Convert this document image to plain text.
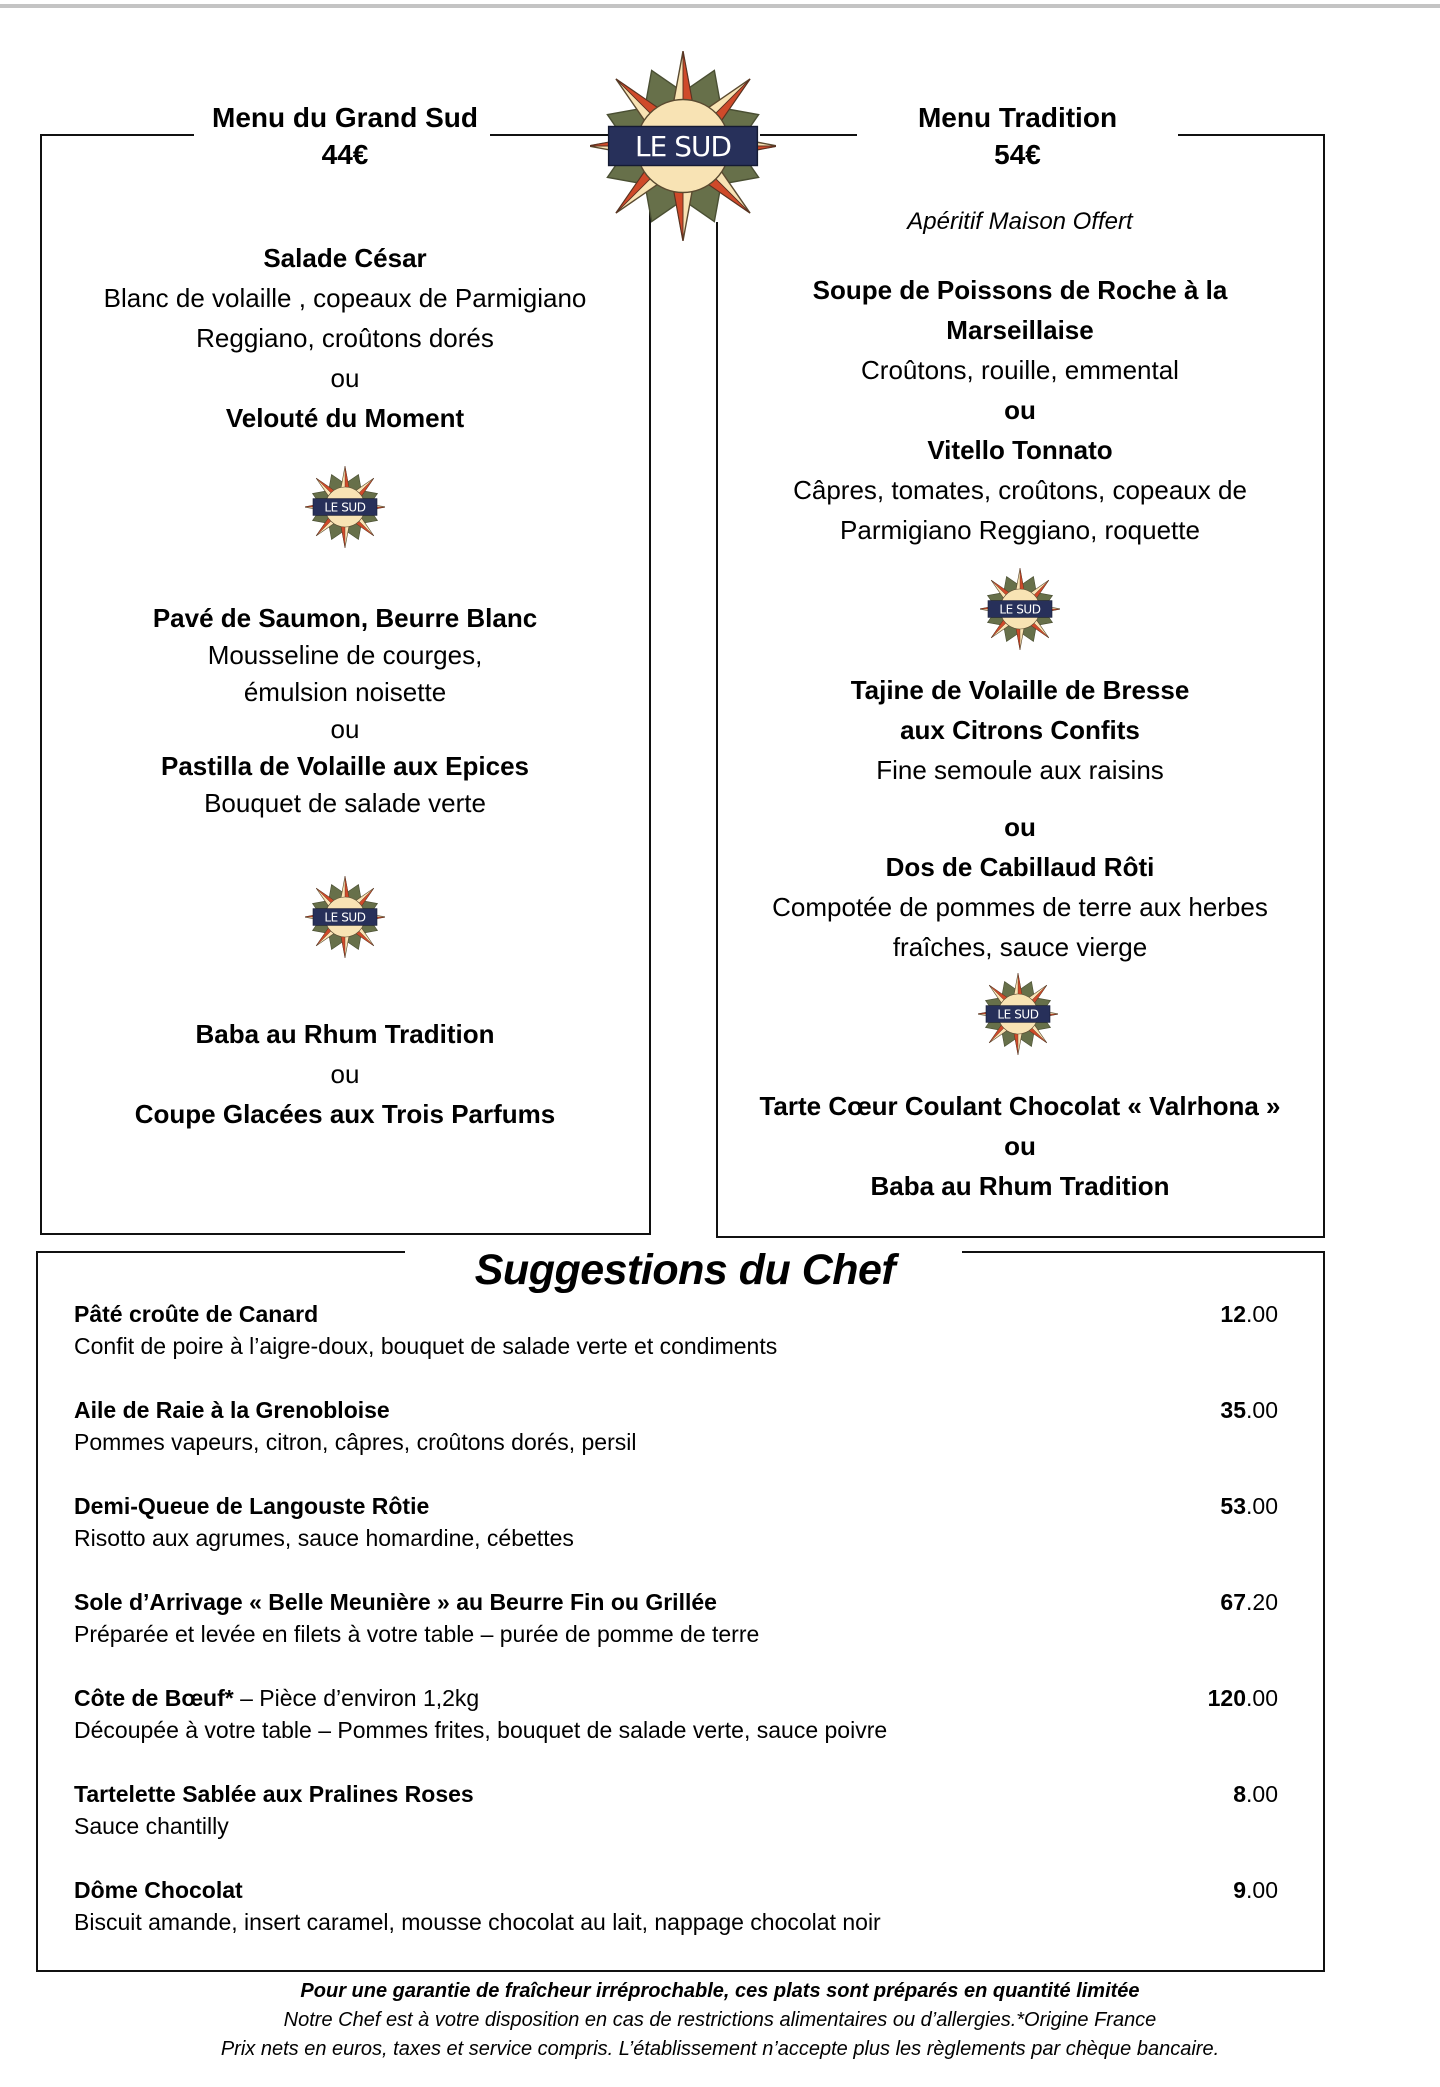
Menu du Grand Sud
44€
Salade César
Blanc de volaille , copeaux de Parmigiano
Reggiano, croûtons dorés
ou
Velouté du Moment
LE SUD
Pavé de Saumon, Beurre Blanc
Mousseline de courges,
émulsion noisette
ou
Pastilla de Volaille aux Epices
Bouquet de salade verte
LE SUD
Baba au Rhum Tradition
ou
Coupe Glacées aux Trois Parfums
Menu Tradition
54€
Apéritif Maison Offert
Soupe de Poissons de Roche à la
Marseillaise
Croûtons, rouille, emmental
ou
Vitello Tonnato
Câpres, tomates, croûtons, copeaux de
Parmigiano Reggiano, roquette
LE SUD
Tajine de Volaille de Bresse
aux Citrons Confits
Fine semoule aux raisins
ou
Dos de Cabillaud Rôti
Compotée de pommes de terre aux herbes
fraîches, sauce vierge
LE SUD
Tarte Cœur Coulant Chocolat « Valrhona »
ou
Baba au Rhum Tradition
LE SUD
Suggestions du Chef
Pâté croûte de Canard
Confit de poire à l’aigre-doux, bouquet de salade verte et condiments
12.00
Aile de Raie à la Grenobloise
Pommes vapeurs, citron, câpres, croûtons dorés, persil
35.00
Demi-Queue de Langouste Rôtie
Risotto aux agrumes, sauce homardine, cébettes
53.00
Sole d’Arrivage « Belle Meunière » au Beurre Fin ou Grillée
Préparée et levée en filets à votre table – purée de pomme de terre
67.20
Côte de Bœuf* – Pièce d’environ 1,2kg
Découpée à votre table – Pommes frites, bouquet de salade verte, sauce poivre
120.00
Tartelette Sablée aux Pralines Roses
Sauce chantilly
8.00
Dôme Chocolat
Biscuit amande, insert caramel, mousse chocolat au lait, nappage chocolat noir
9.00
Pour une garantie de fraîcheur irréprochable, ces plats sont préparés en quantité limitée
Notre Chef est à votre disposition en cas de restrictions alimentaires ou d’allergies.*Origine France
Prix nets en euros, taxes et service compris. L’établissement n’accepte plus les règlements par chèque bancaire.
